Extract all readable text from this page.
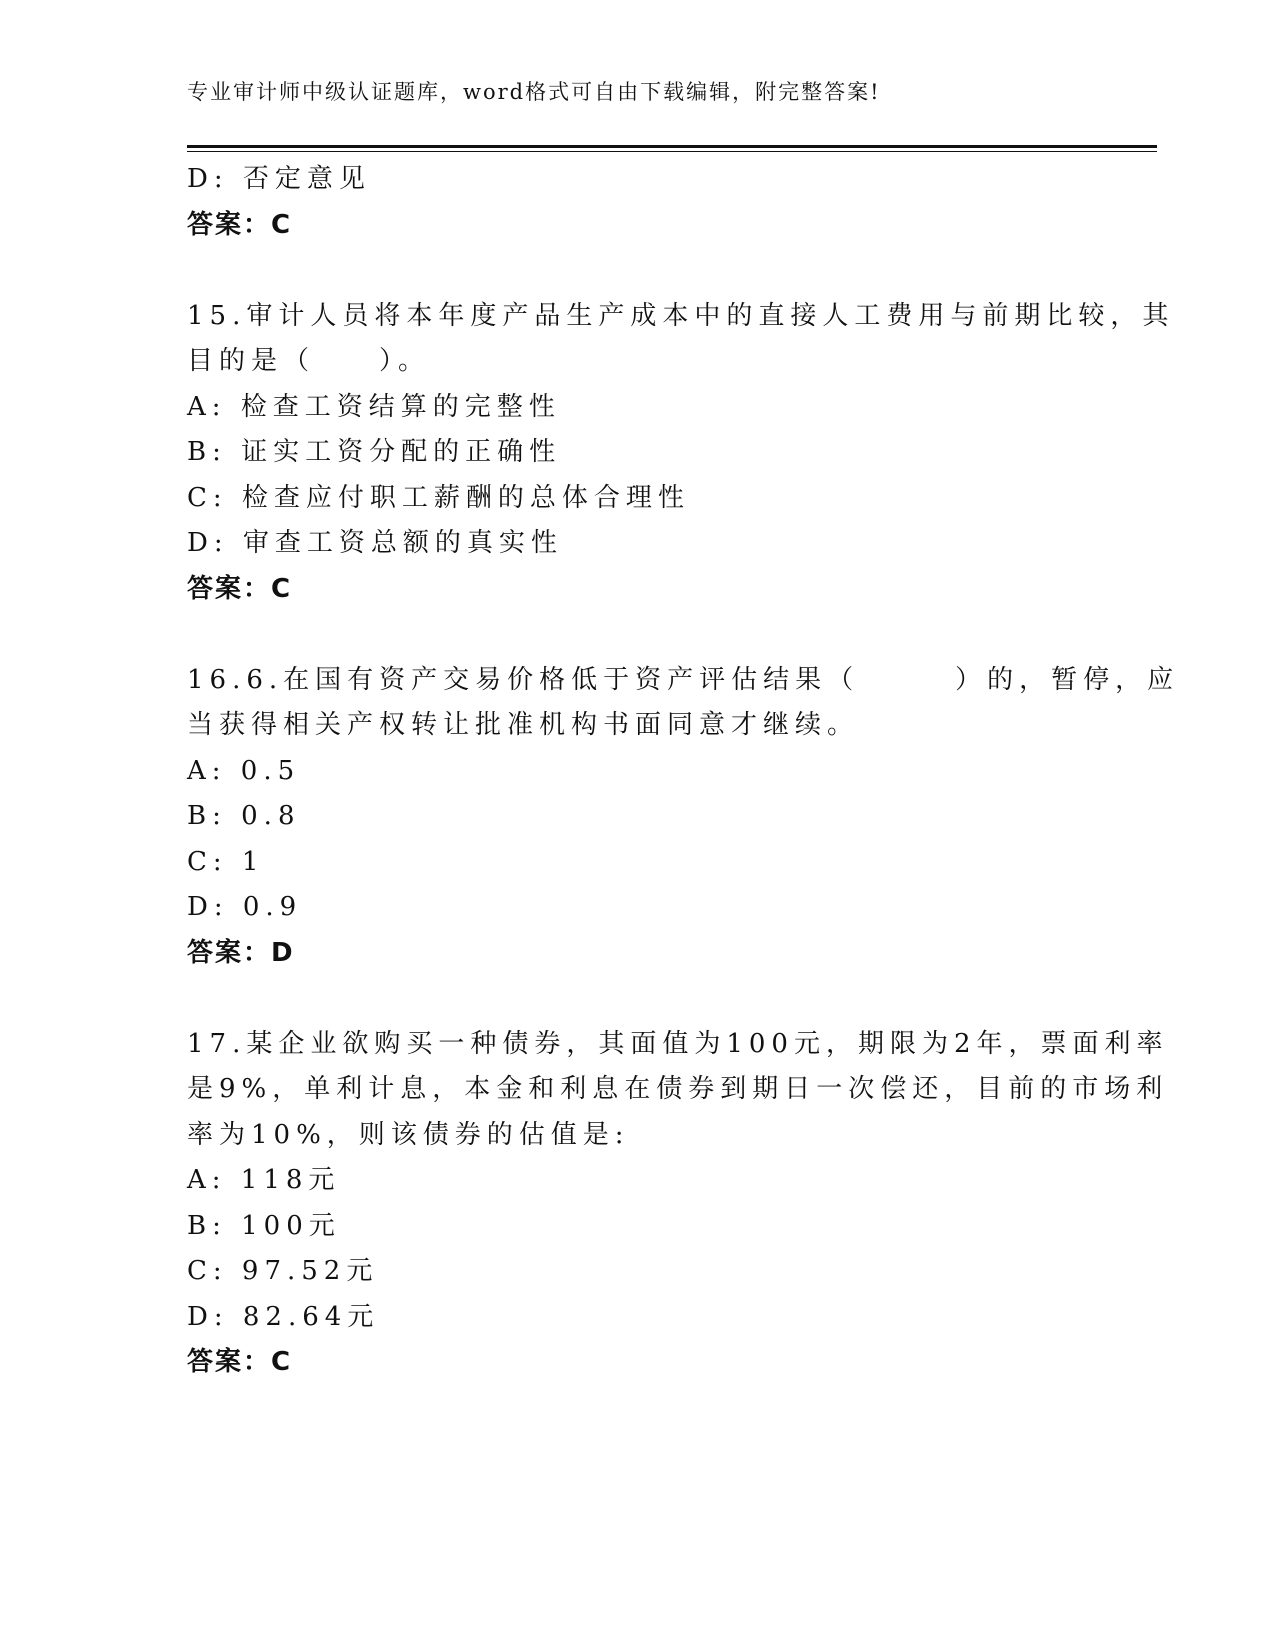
专业审计师中级认证题库，word格式可自由下载编辑，附完整答案!
D: 否定意见
答案：C
15.审计人员将本年度产品生产成本中的直接人工费用与前期比较，其
目的是（　　）。
A: 检查工资结算的完整性
B: 证实工资分配的正确性
C: 检查应付职工薪酬的总体合理性
D: 审查工资总额的真实性
答案：C
16.6.在国有资产交易价格低于资产评估结果（　　　）的，暂停，应
当获得相关产权转让批准机构书面同意才继续。
A: 0.5
B: 0.8
C: 1
D: 0.9
答案：D
17.某企业欲购买一种债券，其面值为100元，期限为2年，票面利率
是9%，单利计息，本金和利息在债券到期日一次偿还，目前的市场利
率为10%，则该债券的估值是:
A: 118元
B: 100元
C: 97.52元
D: 82.64元
答案：C
